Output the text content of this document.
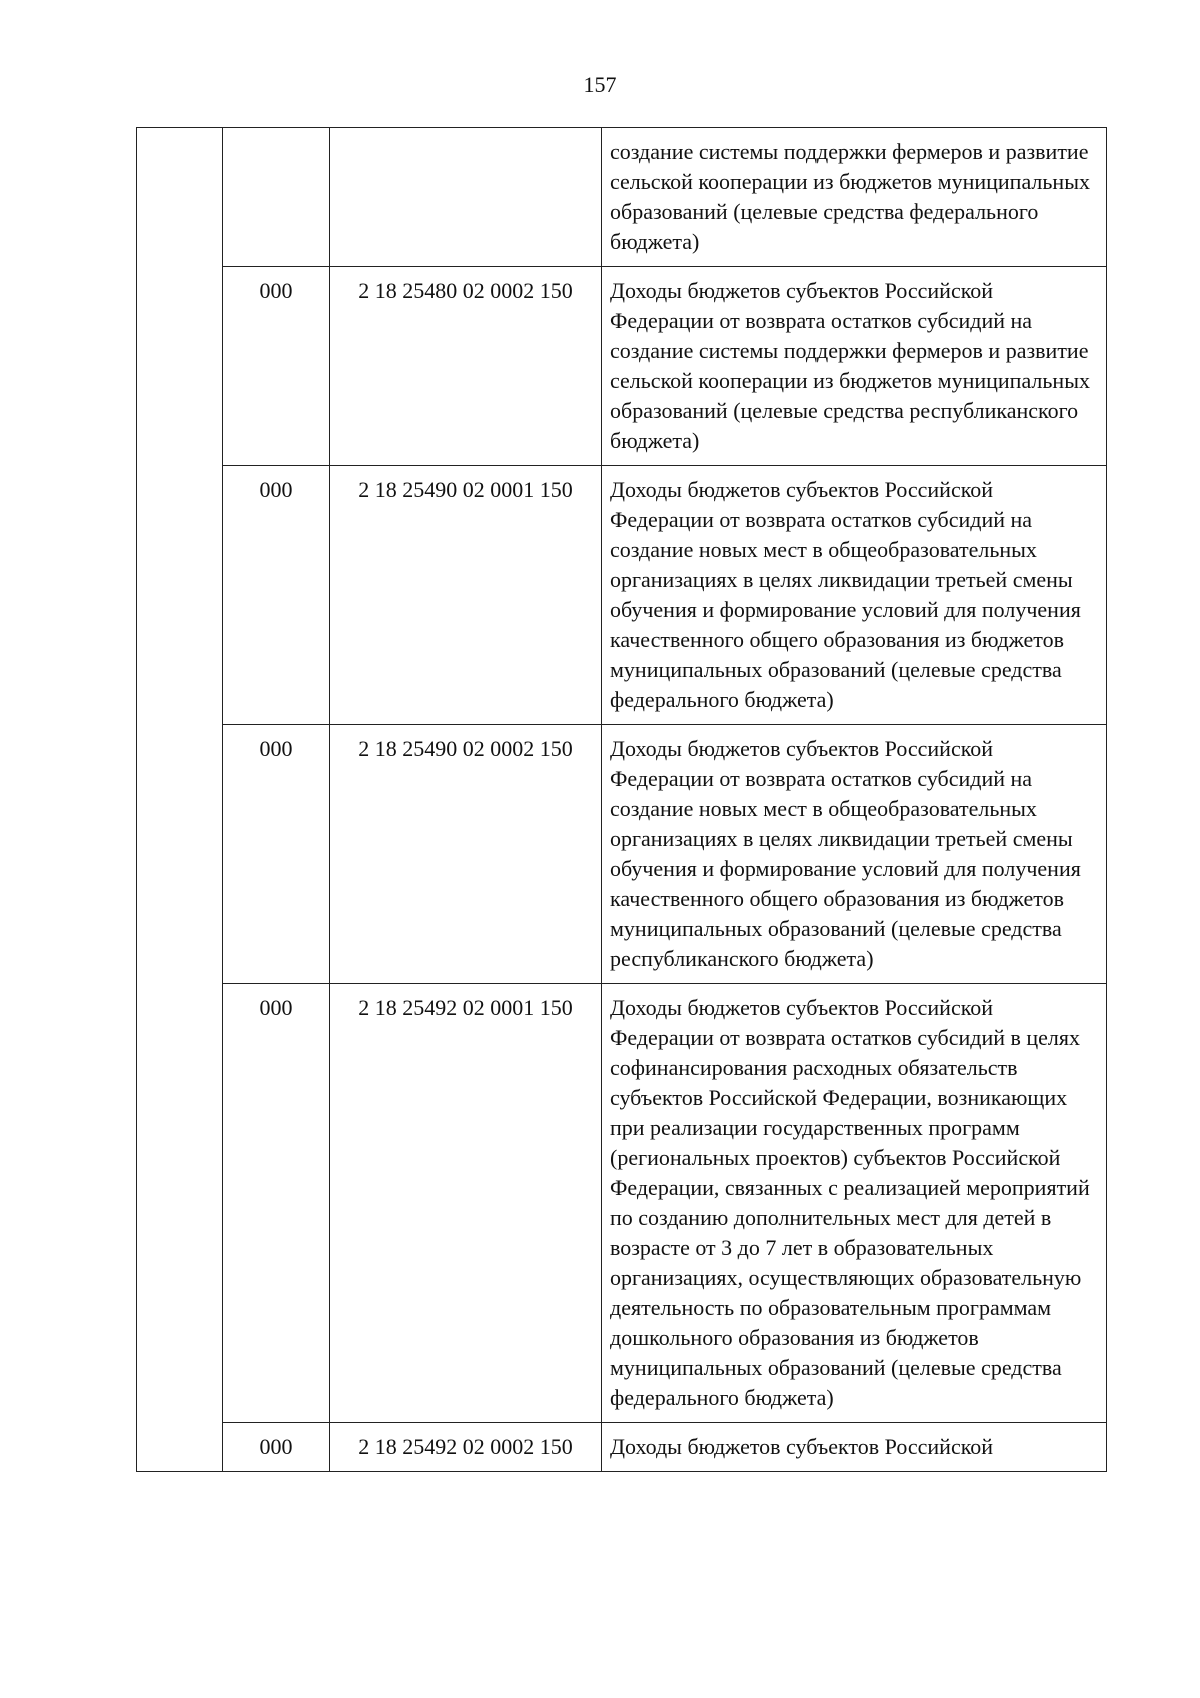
157
			создание системы поддержки фермеров и развитие сельской кооперации из бюджетов муниципальных образований (целевые средства федерального бюджета)
	000	2 18 25480 02 0002 150	Доходы бюджетов субъектов Российской Федерации от возврата остатков субсидий на создание системы поддержки фермеров и развитие сельской кооперации из бюджетов муниципальных образований (целевые средства республиканского бюджета)
	000	2 18 25490 02 0001 150	Доходы бюджетов субъектов Российской Федерации от возврата остатков субсидий на создание новых мест в общеобразовательных организациях в целях ликвидации третьей смены обучения и формирование условий для получения качественного общего образования из бюджетов муниципальных образований (целевые средства федерального бюджета)
	000	2 18 25490 02 0002 150	Доходы бюджетов субъектов Российской Федерации от возврата остатков субсидий на создание новых мест в общеобразовательных организациях в целях ликвидации третьей смены обучения и формирование условий для получения качественного общего образования из бюджетов муниципальных образований (целевые средства республиканского бюджета)
	000	2 18 25492 02 0001 150	Доходы бюджетов субъектов Российской Федерации от возврата остатков субсидий в целях софинансирования расходных обязательств субъектов Российской Федерации, возникающих при реализации государственных программ (региональных проектов) субъектов Российской Федерации, связанных с реализацией мероприятий по созданию дополнительных мест для детей в возрасте от 3 до 7 лет в образовательных организациях, осуществляющих образовательную деятельность по образовательным программам дошкольного образования из бюджетов муниципальных образований (целевые средства федерального бюджета)
	000	2 18 25492 02 0002 150	Доходы бюджетов субъектов Российской
